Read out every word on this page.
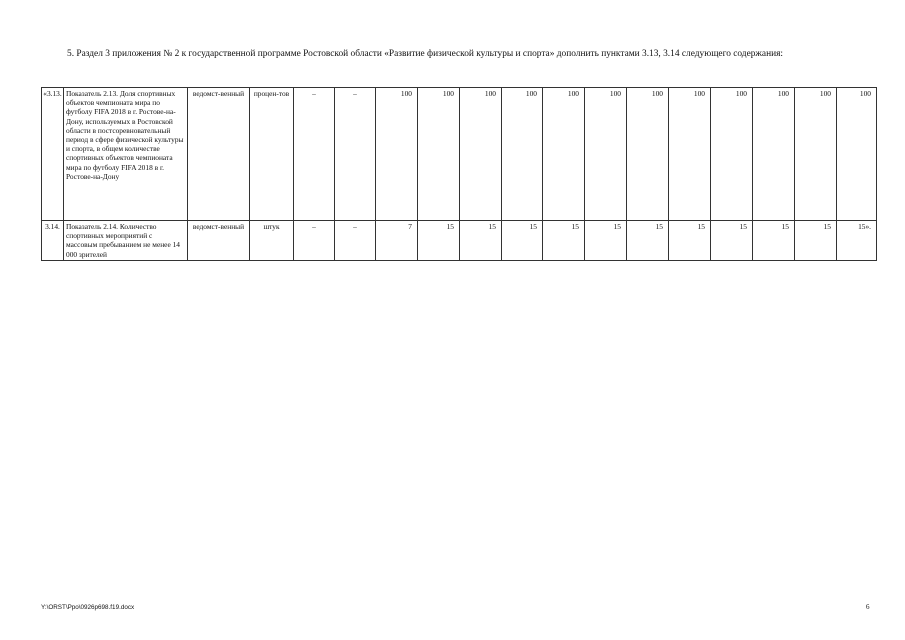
5. Раздел 3 приложения № 2 к государственной программе Ростовской области «Развитие физической культуры и спорта» дополнить пунктами 3.13, 3.14 следующего содержания:

«3.13.	Показатель 2.13. Доля спортивных объектов чемпионата мира по футболу FIFA 2018 в г. Ростове-на-Дону, используемых в Ростовской области в постсоревновательный период в сфере физической культуры и спорта, в общем количестве спортивных объектов чемпионата мира по футболу FIFA 2018 в г. Ростове-на-Дону	ведомст-венный	процен-тов	–	–	100	100	100	100	100	100	100	100	100	100	100	100
3.14.	Показатель 2.14. Количество спортивных мероприятий с массовым пребыванием не менее 14 000 зрителей	ведомст-венный	штук	–	–	7	15	15	15	15	15	15	15	15	15	15	15».
Y:\ORST\Ppo\0926p698.f19.docx	6
